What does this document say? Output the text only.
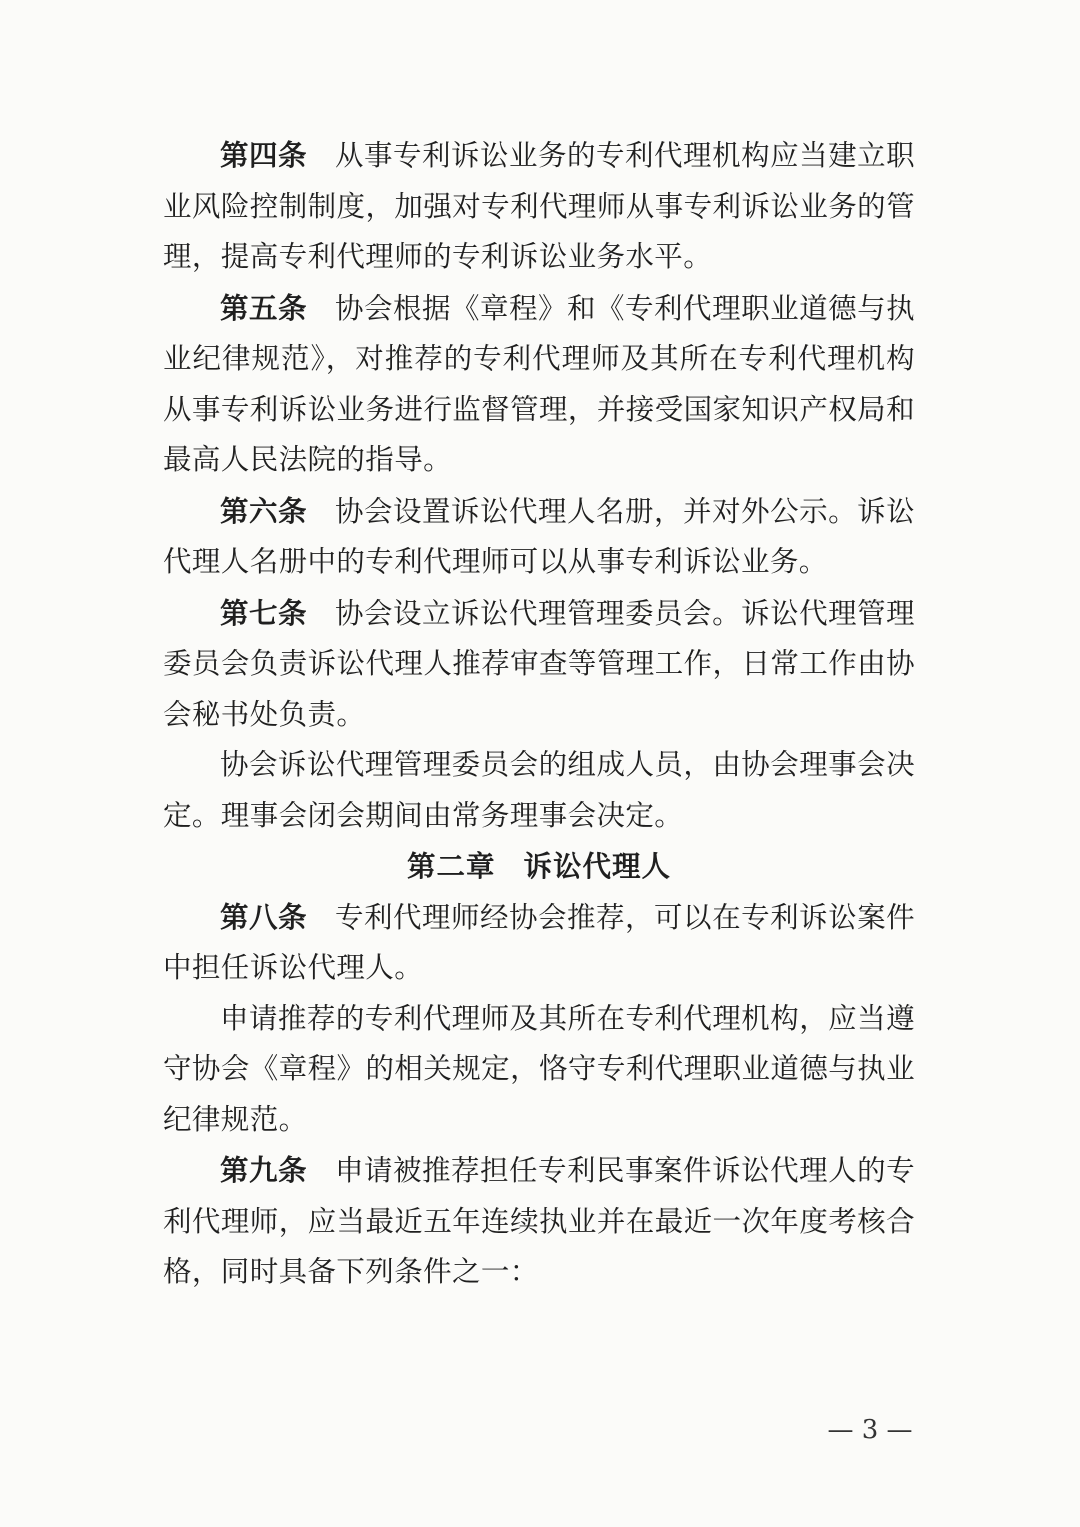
第四条 从事专利诉讼业务的专利代理机构应当建立职业风险控制制度，加强对专利代理师从事专利诉讼业务的管理，提高专利代理师的专利诉讼业务水平。

第五条 协会根据《章程》和《专利代理职业道德与执业纪律规范》，对推荐的专利代理师及其所在专利代理机构从事专利诉讼业务进行监督管理，并接受国家知识产权局和最高人民法院的指导。

第六条 协会设置诉讼代理人名册，并对外公示。诉讼代理人名册中的专利代理师可以从事专利诉讼业务。

第七条 协会设立诉讼代理管理委员会。诉讼代理管理委员会负责诉讼代理人推荐审查等管理工作，日常工作由协会秘书处负责。

协会诉讼代理管理委员会的组成人员，由协会理事会决定。理事会闭会期间由常务理事会决定。

第二章 诉讼代理人

第八条 专利代理师经协会推荐，可以在专利诉讼案件中担任诉讼代理人。

申请推荐的专利代理师及其所在专利代理机构，应当遵守协会《章程》的相关规定，恪守专利代理职业道德与执业纪律规范。

第九条 申请被推荐担任专利民事案件诉讼代理人的专利代理师，应当最近五年连续执业并在最近一次年度考核合格，同时具备下列条件之一：

— 3 —
